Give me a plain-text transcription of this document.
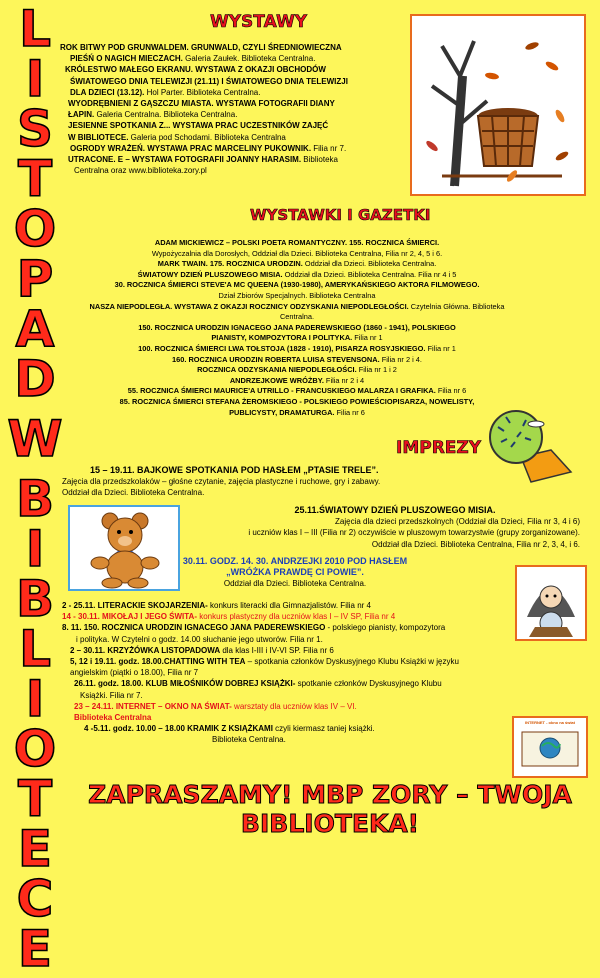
L
I
S
T
O
P
A
D
W
B
I
B
L
I
O
T
E
C
E
WYSTAWY
ROK BITWY POD GRUNWALDEM. GRUNWALD, CZYLI ŚREDNIOWIECZNA
PIEŚŃ O NAGICH MIECZACH. Galeria Zaułek. Biblioteka Centralna.
KRÓLESTWO MAŁEGO EKRANU. WYSTAWA Z OKAZJI OBCHODÓW
ŚWIATOWEGO DNIA TELEWIZJI (21.11) I ŚWIATOWEGO DNIA TELEWIZJI
DLA DZIECI (13.12). Hol Parter. Biblioteka Centralna.
WYODRĘBNIENI Z GĄSZCZU MIASTA. WYSTAWA FOTOGRAFII DIANY
ŁAPIN. Galeria Centralna. Biblioteka Centralna.
JESIENNE SPOTKANIA Z... WYSTAWA PRAC UCZESTNIKÓW ZAJĘĆ
W BIBLIOTECE. Galeria pod Schodami. Biblioteka Centralna
OGRODY WRAŻEŃ. WYSTAWA PRAC MARCELINY PUKOWNIK. Filia nr 7.
UTRACONE. E – WYSTAWA FOTOGRAFII JOANNY HARASIM. Biblioteka
Centralna oraz www.biblioteka.zory.pl
WYSTAWKI I GAZETKI
ADAM MICKIEWICZ – POLSKI POETA ROMANTYCZNY. 155. ROCZNICA ŚMIERCI.
Wypożyczalnia dla Dorosłych, Oddział dla Dzieci. Biblioteka Centralna, Filia nr 2, 4, 5 i 6.
MARK TWAIN. 175. ROCZNICA URODZIN. Oddział dla Dzieci. Biblioteka Centralna.
ŚWIATOWY DZIEŃ PLUSZOWEGO MISIA. Oddział dla Dzieci. Biblioteka Centralna. Filia nr 4 i 5
30. ROCZNICA ŚMIERCI STEVE'A MC QUEENA (1930-1980), AMERYKAŃSKIEGO AKTORA FILMOWEGO.
Dział Zbiorów Specjalnych. Biblioteka Centralna
NASZA NIEPODLEGŁA. WYSTAWA Z OKAZJI ROCZNICY ODZYSKANIA NIEPODLEGŁOŚCI. Czytelnia Główna. Biblioteka
Centralna.
150. ROCZNICA URODZIN IGNACEGO JANA PADEREWSKIEGO (1860 - 1941), POLSKIEGO
PIANISTY, KOMPOZYTORA I POLITYKA. Filia nr 1
100. ROCZNICA ŚMIERCI LWA TOŁSTOJA (1828 - 1910), PISARZA ROSYJSKIEGO. Filia nr 1
160. ROCZNICA URODZIN ROBERTA LUISA STEVENSONA. Filia nr 2 i 4.
ROCZNICA ODZYSKANIA NIEPODLEGŁOŚCI. Filia nr 1 i 2
ANDRZEJKOWE WRÓŻBY. Filia nr 2 i 4
55. ROCZNICA ŚMIERCI MAURICE'A UTRILLO - FRANCUSKIEGO MALARZA I GRAFIKA. Filia nr 6
85. ROCZNICA ŚMIERCI STEFANA ŻEROMSKIEGO - POLSKIEGO POWIEŚCIOPISARZA, NOWELISTY,
PUBLICYSTY, DRAMATURGA. Filia nr 6
IMPREZY
15 – 19.11. BAJKOWE SPOTKANIA POD HASŁEM „PTASIE TRELE”.
Zajęcia dla przedszkolaków – głośne czytanie, zajęcia plastyczne i ruchowe, gry i zabawy.
Oddział dla Dzieci. Biblioteka Centralna.
25.11.ŚWIATOWY DZIEŃ PLUSZOWEGO MISIA.
Zajęcia dla dzieci przedszkolnych (Oddział dla Dzieci, Filia nr 3, 4 i 6)
i uczniów klas I – III (Filia nr 2) oczywiście w pluszowym towarzystwie (grupy zorganizowane).
Oddział dla Dzieci. Biblioteka Centralna, Filia nr 2, 3, 4, i 6.
30.11. GODZ. 14. 30. ANDRZEJKI 2010 POD HASŁEM
„WRÓŻKA PRAWDĘ CI POWIE”.
Oddział dla Dzieci. Biblioteka Centralna.
2 - 25.11. LITERACKIE SKOJARZENIA- konkurs literacki dla Gimnazjalistów. Filia nr 4
14 - 30.11. MIKOŁAJ I JEGO ŚWITA- konkurs plastyczny dla uczniów klas I – IV SP, Filia nr 4
8. 11. 150. ROCZNICA URODZIN IGNACEGO JANA PADEREWSKIEGO - polskiego pianisty, kompozytora
i polityka. W Czytelni o godz. 14.00 słuchanie jego utworów. Filia nr 1.
2 – 30.11. KRZYŻÓWKA LISTOPADOWA dla klas I-III i IV-VI SP. Filia nr 6
5, 12 i 19.11. godz. 18.00.CHATTING WITH TEA – spotkania członków Dyskusyjnego Klubu Książki w języku
angielskim (piątki o 18.00), Filia nr 7
26.11. godz. 18.00. KLUB MIŁOŚNIKÓW DOBREJ KSIĄŻKI- spotkanie członków Dyskusyjnego Klubu
Książki. Filia nr 7.
23 – 24.11. INTERNET – OKNO NA ŚWIAT- warsztaty dla uczniów klas IV – VI.
Biblioteka Centralna
4 -5.11. godz. 10.00 – 18.00 KRAMIK Z KSIĄŻKAMI czyli kiermasz taniej książki.
Biblioteka Centralna.
INTERNET - okno na świat
ZAPRASZAMY! MBP ZORY – TWOJA BIBLIOTEKA!
